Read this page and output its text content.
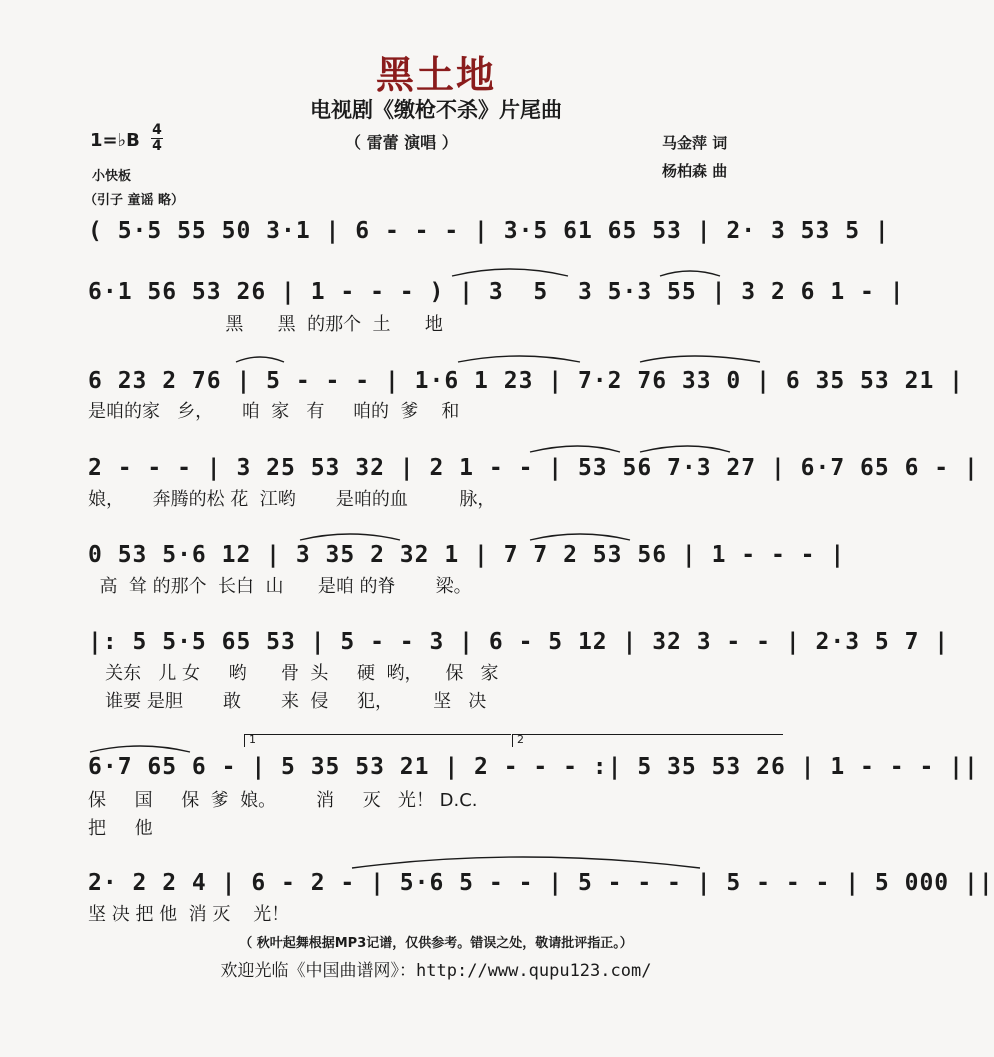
黑土地
电视剧《缴枪不杀》片尾曲
（ 雷蕾 演唱 ）	马金萍 词
杨柏森 曲
1=♭B 4
4
小快板
（引子 童谣 略）
( 5·5 55 50 3·1 | 6 - - - | 3·5 61 65 53 | 2· 3 53 5 |
6·1 56 53 26 | 1 - - - ) | 3  5  3 5·3 55 | 3 2 6 1 - |
黑      黑  的那个  土      地
6 23 2 76 | 5 - - - | 1·6 1 23 | 7·2 76 33 0 | 6 35 53 21 |
是咱的家   乡，     咱  家   有     咱的  爹    和
2 - - - | 3 25 53 32 | 2 1 - - | 53 56 7·3 27 | 6·7 65 6 - |
娘，     奔腾的松 花  江哟       是咱的血         脉，
0 53 5·6 12 | 3 35 2 32 1 | 7 7 2 53 56 | 1 - - - |
高  耸 的那个  长白  山      是咱 的脊       梁。
|: 5 5·5 65 53 | 5 - - 3 | 6 - 5 12 | 32 3 - - | 2·3 5 7 |
关东   儿 女     哟      骨  头     硬  哟，    保   家
谁要 是胆       敢       来  侵     犯，       坚   决
1	2
6·7 65 6 - | 5 35 53 21 | 2 - - - :| 5 35 53 26 | 1 - - - ||
保     国     保  爹  娘。       消     灭   光！ D.C.
把     他
2· 2 2 4 | 6 - 2 - | 5·6 5 - - | 5 - - - | 5 - - - | 5 000 ||
坚 决 把 他  消 灭    光！
（ 秋叶起舞根据MP3记谱，仅供参考。错误之处，敬请批评指正。）
欢迎光临《中国曲谱网》：http://www.qupu123.com/
